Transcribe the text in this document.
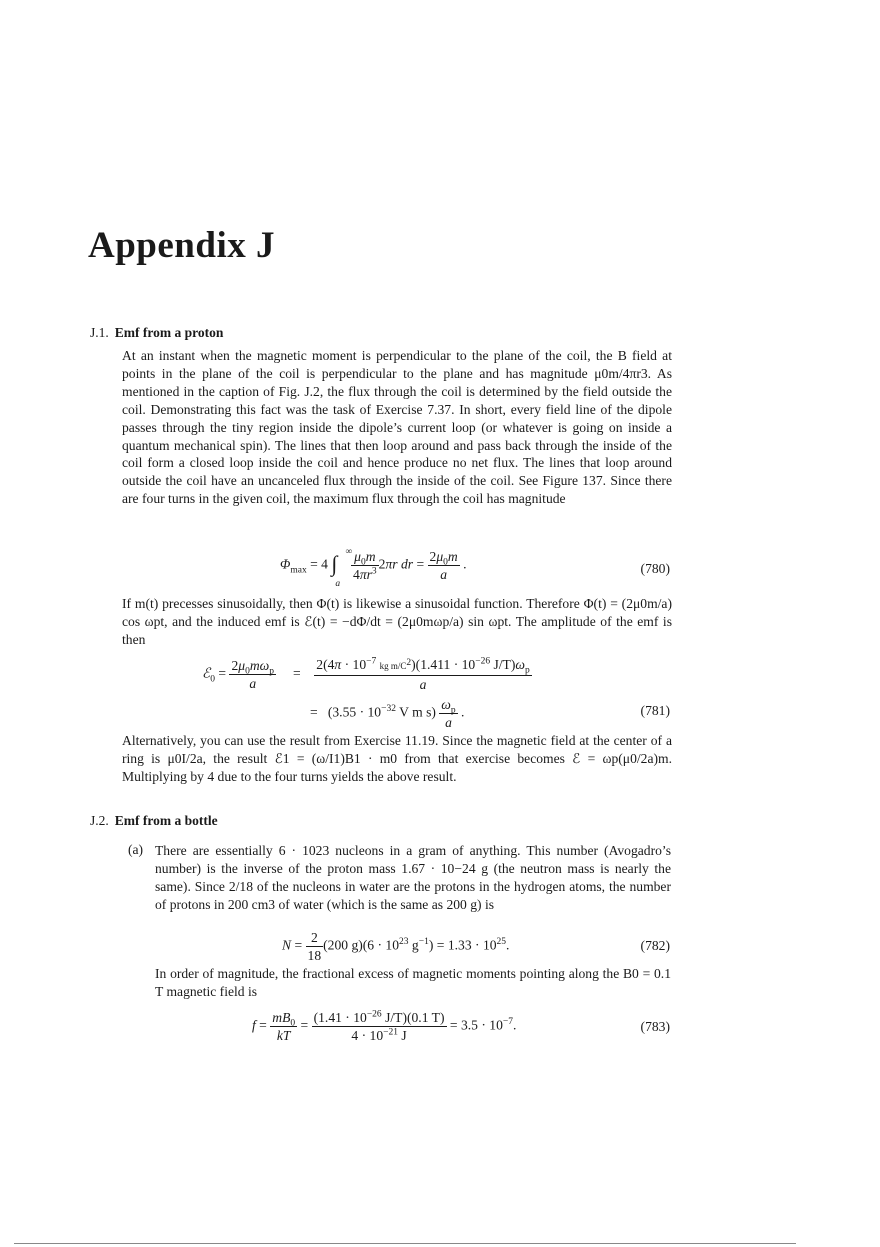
Appendix J
J.1. Emf from a proton

At an instant when the magnetic moment is perpendicular to the plane of the coil, the B field at points in the plane of the coil is perpendicular to the plane and has magnitude μ0m/4πr3. As mentioned in the caption of Fig. J.2, the flux through the coil is determined by the field outside the coil. Demonstrating this fact was the task of Exercise 7.37. In short, every field line of the dipole passes through the tiny region inside the dipole’s current loop (or whatever is going on inside a quantum mechanical spin). The lines that then loop around and pass back through the inside of the coil form a closed loop inside the coil and hence produce no net flux. The lines that loop around outside the coil have an uncanceled flux through the inside of the coil. See Figure 137. Since there are four turns in the given coil, the maximum flux through the coil has magnitude

$\Phi_{max} = 4$ ∫ ∞
a

$\frac{\mu_0m}{4\pi r^3} 2\pi r$ dr = $\frac{2\mu_0m}{a}$ .	(780)

If m(t) precesses sinusoidally, then Φ(t) is likewise a sinusoidal function. Therefore Φ(t) = (2μ0m/a) cos ωpt, and the induced emf is ℰ(t) = −dΦ/dt = (2μ0mωp/a) sin ωpt. The amplitude of the emf is then

ℰ$_0$ = $\frac{2\mu_0m\omega_p}{a} = \frac{2(4\pi \cdot 10^{-7} kg m/C^2)(1.411 \cdot 10^{-26} J/T)\omega_p}{a}$
=   ($3.55 \cdot 10^{-32}$ V m $s) \frac{\omega_p}{a}$ .	(781)

Alternatively, you can use the result from Exercise 11.19. Since the magnetic field at the center of a ring is μ0I/2a, the result ℰ1 = (ω/I1)B1 · m0 from that exercise becomes ℰ = ωp(μ0/2a)m. Multiplying by 4 due to the four turns yields the above result.

J.2. Emf from a bottle
(a) There are essentially 6 · 1023 nucleons in a gram of anything. This number (Avogadro’s number) is the inverse of the proton mass 1.67 · 10−24 g (the neutron mass is nearly the same). Since 2/18 of the nucleons in water are the protons in the hydrogen atoms, the number of protons in 200 cm3 of water (which is the same as 200 g) is

$N = \frac{2}{18} (200$ $g)(6 \cdot 10^{23}$ $g^{-1}) = 1.33 \cdot 10^{25}$.	(782)

In order of magnitude, the fractional excess of magnetic moments pointing along the B0 = 0.1 T magnetic field is

$f = \frac{mB_0}{kT} = \frac{(1.41 \cdot 10^{-26} J/T)(0.1 T)}{4 \cdot 10^{-21} J} = 3.5 \cdot 10^{-7}$.	(783)
